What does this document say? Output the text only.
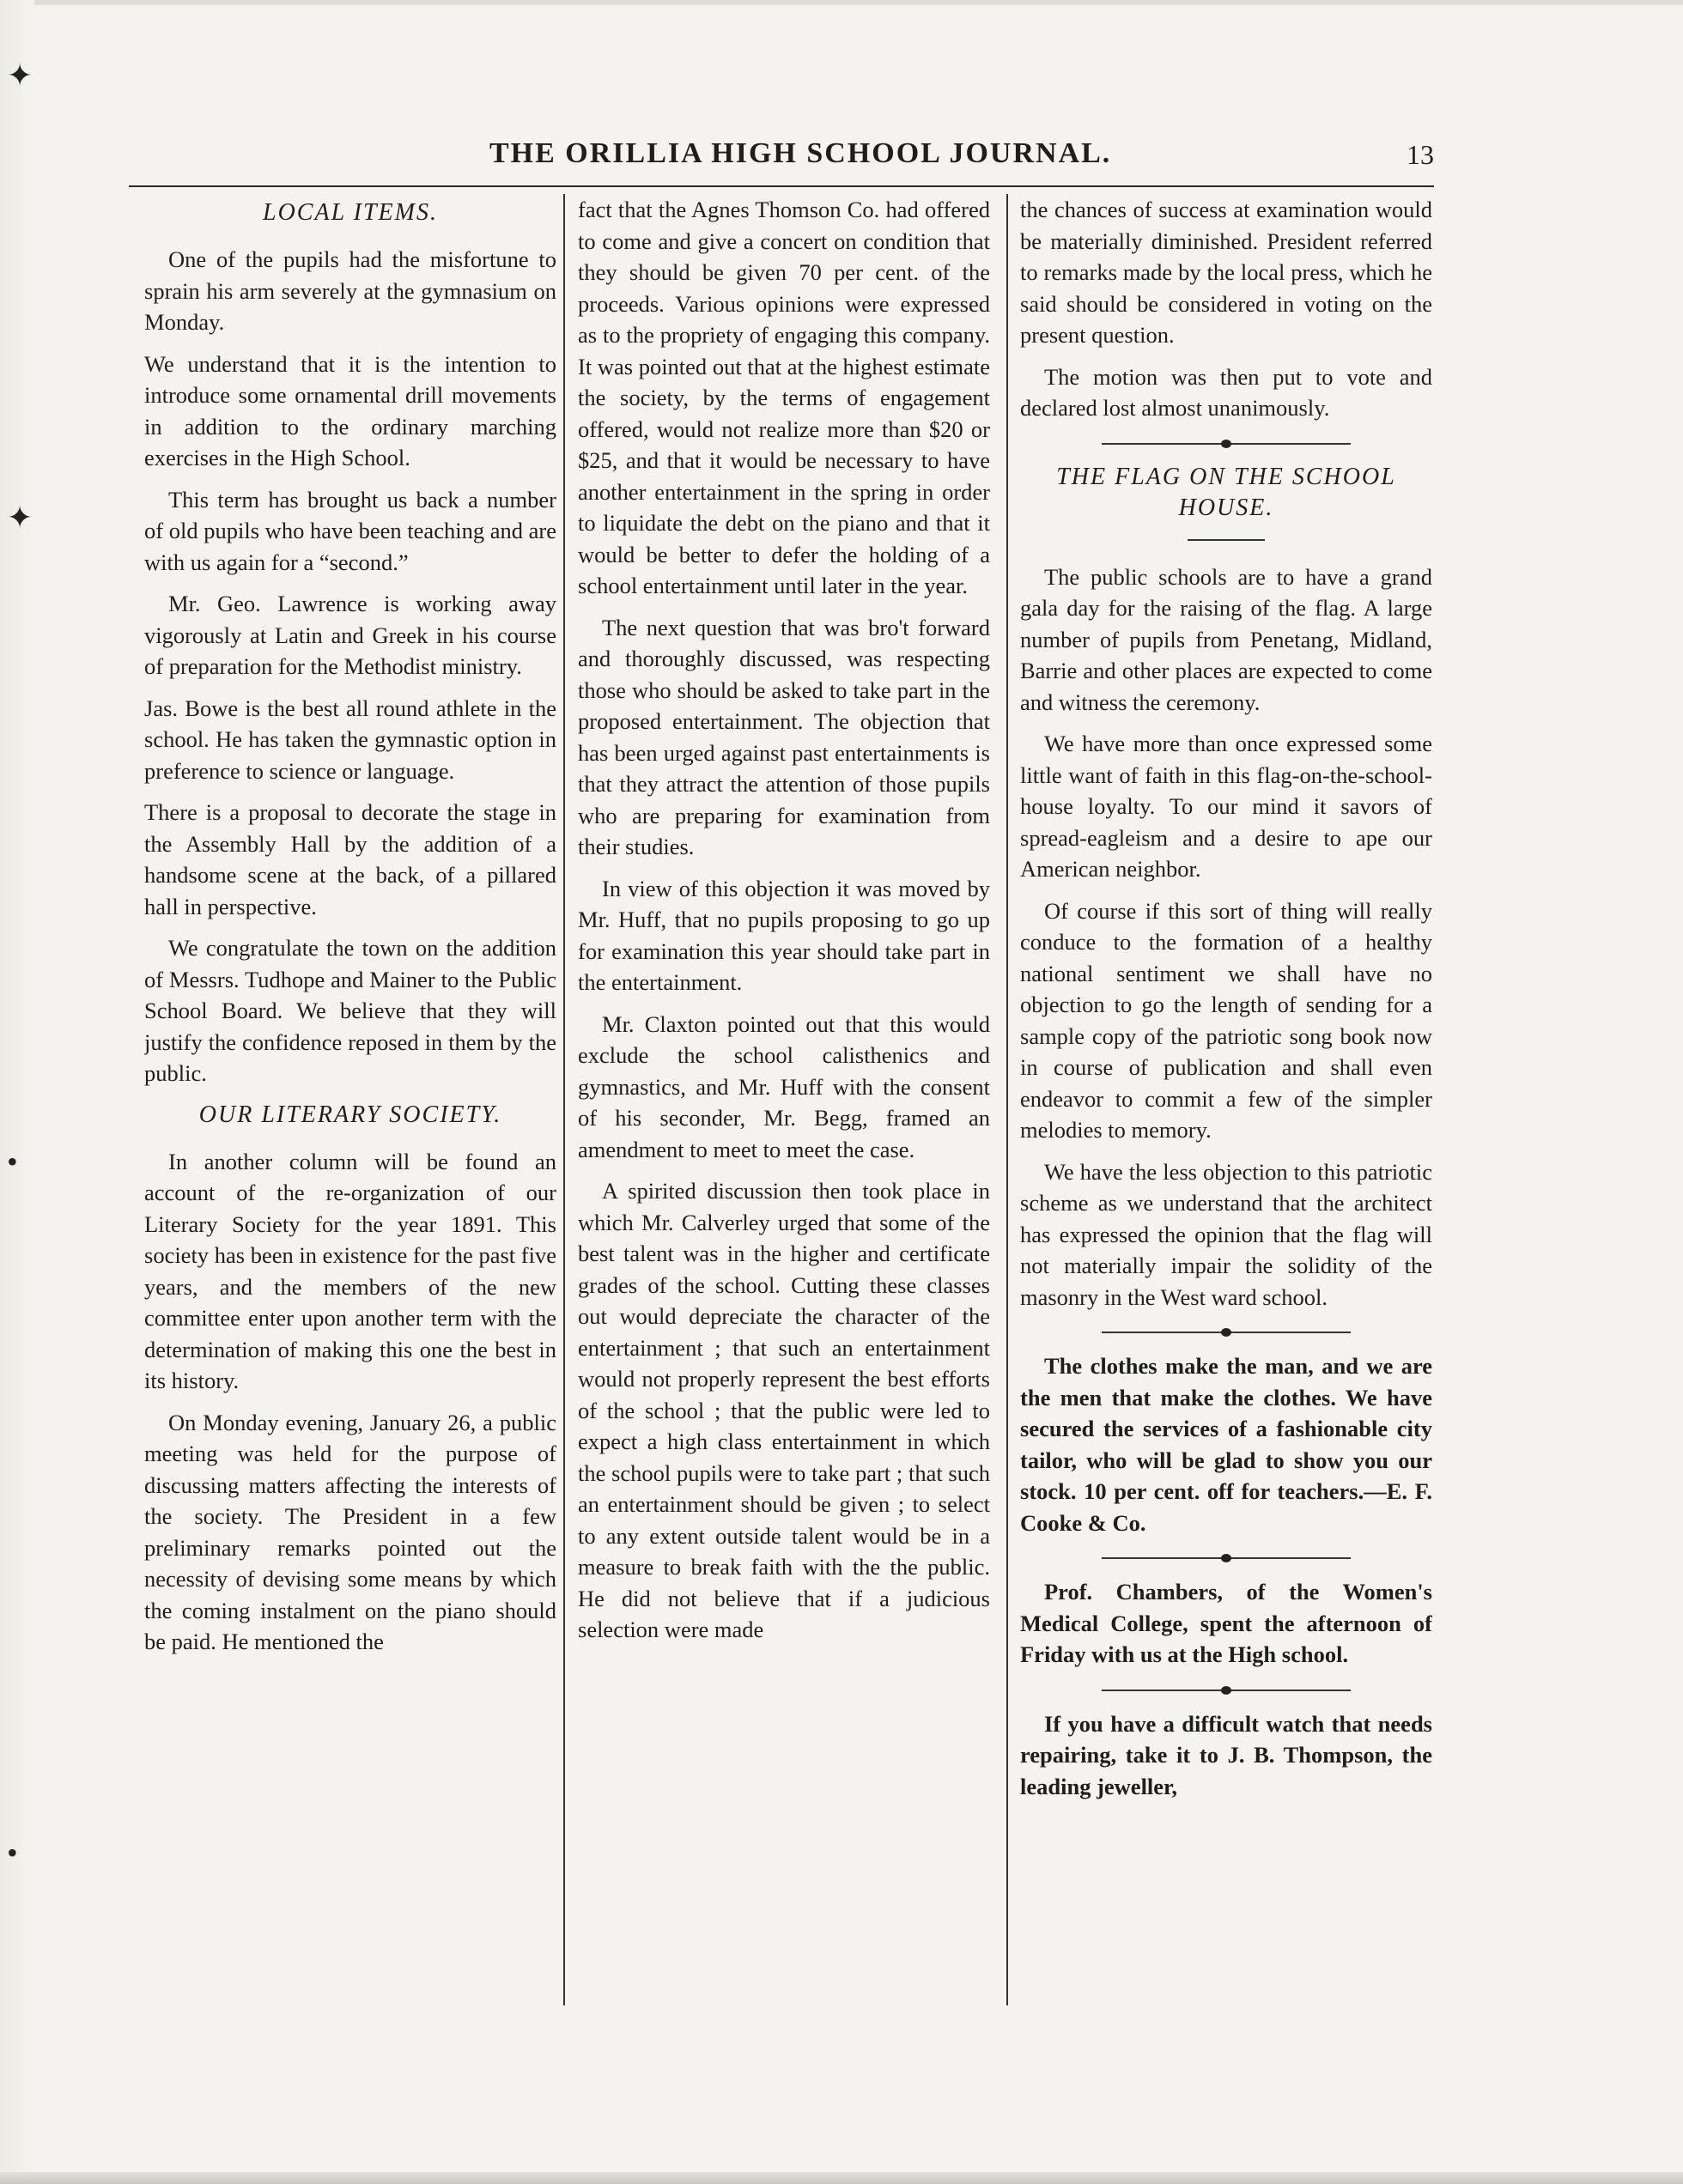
✦
✦
•
•
THE ORILLIA HIGH SCHOOL JOURNAL.	13
LOCAL ITEMS.

One of the pupils had the misfortune to sprain his arm severely at the gymnasium on Monday.

We understand that it is the intention to introduce some ornamental drill movements in addition to the ordinary marching exercises in the High School.

This term has brought us back a number of old pupils who have been teaching and are with us again for a “second.”

Mr. Geo. Lawrence is working away vigorously at Latin and Greek in his course of preparation for the Methodist ministry.

Jas. Bowe is the best all round athlete in the school. He has taken the gymnastic option in preference to science or language.

There is a proposal to decorate the stage in the Assembly Hall by the addition of a handsome scene at the back, of a pillared hall in perspective.

We congratulate the town on the addition of Messrs. Tudhope and Mainer to the Public School Board. We believe that they will justify the confidence reposed in them by the public.

OUR LITERARY SOCIETY.

In another column will be found an account of the re-organization of our Literary Society for the year 1891. This society has been in existence for the past five years, and the members of the new committee enter upon another term with the determination of making this one the best in its history.

On Monday evening, January 26, a public meeting was held for the purpose of discussing matters affecting the interests of the society. The President in a few preliminary remarks pointed out the necessity of devising some means by which the coming instalment on the piano should be paid. He mentioned the

fact that the Agnes Thomson Co. had offered to come and give a concert on condition that they should be given 70 per cent. of the proceeds. Various opinions were expressed as to the propriety of engaging this company. It was pointed out that at the highest estimate the society, by the terms of engagement offered, would not realize more than $20 or $25, and that it would be necessary to have another entertainment in the spring in order to liquidate the debt on the piano and that it would be better to defer the holding of a school entertainment until later in the year.

The next question that was bro't forward and thoroughly discussed, was respecting those who should be asked to take part in the proposed entertainment. The objection that has been urged against past entertainments is that they attract the attention of those pupils who are preparing for examination from their studies.

In view of this objection it was moved by Mr. Huff, that no pupils proposing to go up for examination this year should take part in the entertainment.

Mr. Claxton pointed out that this would exclude the school calisthenics and gymnastics, and Mr. Huff with the consent of his seconder, Mr. Begg, framed an amendment to meet to meet the case.

A spirited discussion then took place in which Mr. Calverley urged that some of the best talent was in the higher and certificate grades of the school. Cutting these classes out would depreciate the character of the entertainment ; that such an entertainment would not properly represent the best efforts of the school ; that the public were led to expect a high class entertainment in which the school pupils were to take part ; that such an entertainment should be given ; to select to any extent outside talent would be in a measure to break faith with the the public. He did not believe that if a judicious selection were made

the chances of success at examination would be materially diminished. President referred to remarks made by the local press, which he said should be considered in voting on the present question.

The motion was then put to vote and declared lost almost unanimously.

THE FLAG ON THE SCHOOL HOUSE.

The public schools are to have a grand gala day for the raising of the flag. A large number of pupils from Penetang, Midland, Barrie and other places are expected to come and witness the ceremony.

We have more than once expressed some little want of faith in this flag-on-the-school-house loyalty. To our mind it savors of spread-eagleism and a desire to ape our American neighbor.

Of course if this sort of thing will really conduce to the formation of a healthy national sentiment we shall have no objection to go the length of sending for a sample copy of the patriotic song book now in course of publication and shall even endeavor to commit a few of the simpler melodies to memory.

We have the less objection to this patriotic scheme as we understand that the architect has expressed the opinion that the flag will not materially impair the solidity of the masonry in the West ward school.

The clothes make the man, and we are the men that make the clothes. We have secured the services of a fashionable city tailor, who will be glad to show you our stock. 10 per cent. off for teachers.—E. F. Cooke & Co.

Prof. Chambers, of the Women's Medical College, spent the afternoon of Friday with us at the High school.

If you have a difficult watch that needs repairing, take it to J. B. Thompson, the leading jeweller,
